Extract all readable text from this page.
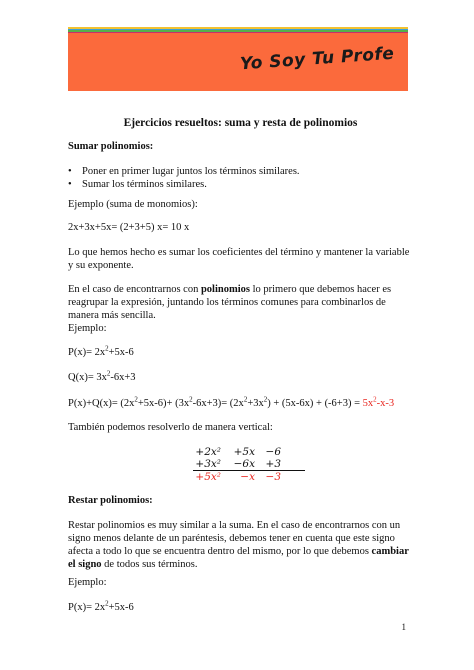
Yo Soy Tu Profe
Ejercicios resueltos: suma y resta de polinomios
Sumar polinomios:
• Poner en primer lugar juntos los términos similares.
• Sumar los términos similares.
Ejemplo (suma de monomios):
2x+3x+5x= (2+3+5) x= 10 x
Lo que hemos hecho es sumar los coeficientes del término y mantener la variable y su exponente.
En el caso de encontrarnos con polinomios lo primero que debemos hacer es reagrupar la expresión, juntando los términos comunes para combinarlos de manera más sencilla.
Ejemplo:
$P(x)= 2x^2+5x-6$
$Q(x)= 3x^2-6x+3$
$P(x)+Q(x)= (2x^2+5x-6)+ (3x^2-6x+3)= (2x^2+3x^2) + (5x-6x) + (-6+3) = 5x^2-x-3$
También podemos resolverlo de manera vertical:
+2x²	+5x	−6
+3x²	−6x	+3
+5x²	−x	−3
Restar polinomios:
Restar polinomios es muy similar a la suma. En el caso de encontrarnos con un signo menos delante de un paréntesis, debemos tener en cuenta que este signo afecta a todo lo que se encuentra dentro del mismo, por lo que debemos cambiar el signo de todos sus términos.
Ejemplo:
$P(x)= 2x^2+5x-6$
1
